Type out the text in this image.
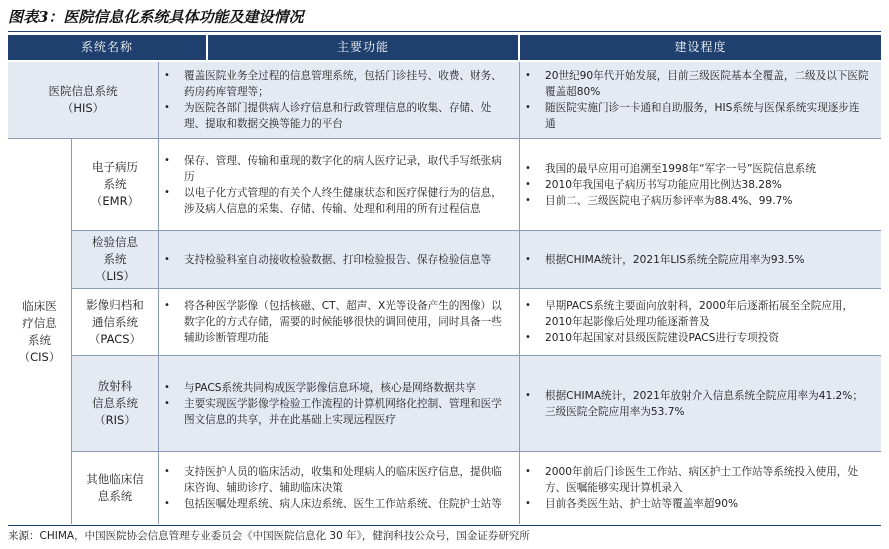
图表3：医院信息化系统具体功能及建设情况
系统名称	主要功能	建设程度
医院信息系统
（HIS）
• 覆盖医院业务全过程的信息管理系统，包括门诊挂号、收费、财务、药房药库管理等；
• 为医院各部门提供病人诊疗信息和行政管理信息的收集、存储、处理、提取和数据交换等能力的平台
• 20世纪90年代开始发展，目前三级医院基本全覆盖，二级及以下医院覆盖超80%
• 随医院实施门诊一卡通和自助服务，HIS系统与医保系统实现逐步连通
临床医
疗信息
系统
（CIS）
电子病历
系统
（EMR）
• 保存、管理、传输和重现的数字化的病人医疗记录，取代手写纸张病历
• 以电子化方式管理的有关个人终生健康状态和医疗保健行为的信息，涉及病人信息的采集、存储、传输、处理和利用的所有过程信息
• 我国的最早应用可追溯至1998年“军字一号”医院信息系统
• 2010年我国电子病历书写功能应用比例达38.28%
• 目前二、三级医院电子病历参评率为88.4%、99.7%
检验信息
系统
（LIS）
• 支持检验科室自动接收检验数据、打印检验报告、保存检验信息等
•	根据CHIMA统计，2021年LIS系统全院应用率为93.5%
影像归档和
通信系统
（PACS）
• 将各种医学影像（包括核磁、CT、超声、X光等设备产生的图像）以数字化的方式存储，需要的时候能够很快的调回使用，同时具备一些辅助诊断管理功能
• 早期PACS系统主要面向放射科，2000年后逐渐拓展至全院应用，2010年起影像后处理功能逐渐普及
• 2010年起国家对县级医院建设PACS进行专项投资
放射科
信息系统
（RIS）
• 与PACS系统共同构成医学影像信息环境，核心是网络数据共享
• 主要实现医学影像学检验工作流程的计算机网络化控制、管理和医学图文信息的共享，并在此基础上实现远程医疗
• 根据CHIMA统计，2021年放射介入信息系统全院应用率为41.2%；三级医院全院应用率为53.7%
其他临床信
息系统
• 支持医护人员的临床活动，收集和处理病人的临床医疗信息，提供临床咨询、辅助诊疗、辅助临床决策
• 包括医嘱处理系统、病人床边系统、医生工作站系统、住院护士站等
• 2000年前后门诊医生工作站、病区护士工作站等系统投入使用，处方、医嘱能够实现计算机录入
• 目前各类医生站、护士站等覆盖率超90%
来源：CHIMA，中国医院协会信息管理专业委员会《中国医院信息化 30 年》，健润科技公众号，国金证券研究所
